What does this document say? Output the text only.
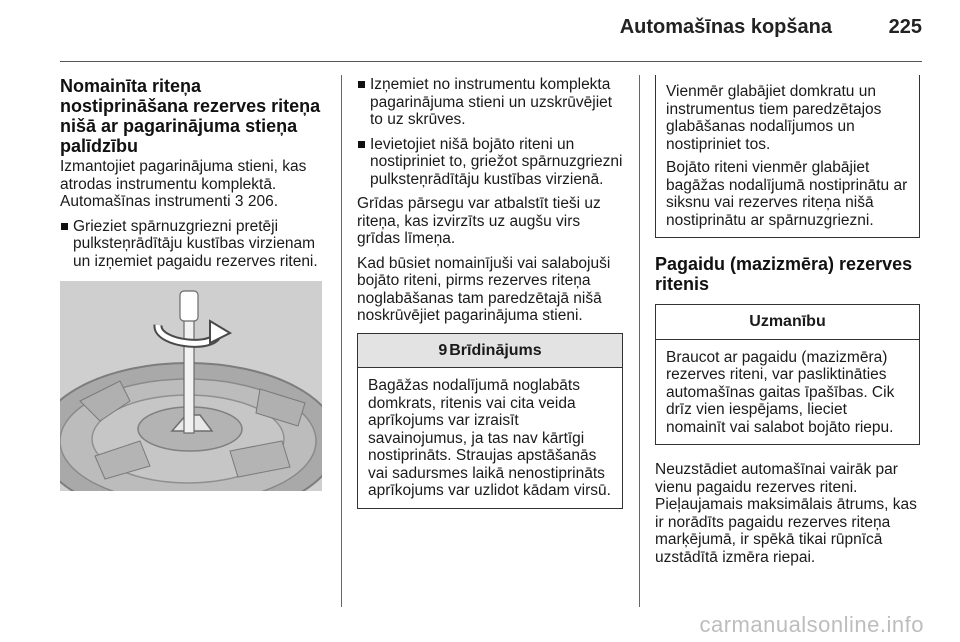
Automašīnas kopšana	225
Nomainīta riteņa nostiprināšana rezerves riteņa nišā ar pagarinājuma stieņa palīdzību

Izmantojiet pagarinājuma stieni, kas atrodas instrumentu komplektā. Automašīnas instrumenti 3 206.

Grieziet spārnuzgriezni pretēji pulksteņrādītāju kustības virzienam un izņemiet pagaidu rezerves riteni.
Izņemiet no instrumentu komplekta pagarinājuma stieni un uzskrūvējiet to uz skrūves.
Ievietojiet nišā bojāto riteni un nostipriniet to, griežot spārnuzgriezni pulksteņrādītāju kustības virzienā.

Grīdas pārsegu var atbalstīt tieši uz riteņa, kas izvirzīts uz augšu virs grīdas līmeņa.

Kad būsiet nomainījuši vai salabojuši bojāto riteni, pirms rezerves riteņa noglabāšanas tam paredzētajā nišā noskrūvējiet pagarinājuma stieni.

9 Brīdinājums

Bagāžas nodalījumā noglabāts domkrats, ritenis vai cita veida aprīkojums var izraisīt savainojumus, ja tas nav kārtīgi nostiprināts. Straujas apstāšanās vai sadursmes laikā nenostiprināts aprīkojums var uzlidot kādam virsū.

Vienmēr glabājiet domkratu un instrumentus tiem paredzētajos glabāšanas nodalījumos un nostipriniet tos.

Bojāto riteni vienmēr glabājiet bagāžas nodalījumā nostiprinātu ar siksnu vai rezerves riteņa nišā nostiprinātu ar spārnuzgriezni.

Pagaidu (mazizmēra) rezerves ritenis
Uzmanību

Braucot ar pagaidu (mazizmēra) rezerves riteni, var pasliktināties automašīnas gaitas īpašības. Cik drīz vien iespējams, lieciet nomainīt vai salabot bojāto riepu.

Neuzstādiet automašīnai vairāk par vienu pagaidu rezerves riteni. Pieļaujamais maksimālais ātrums, kas ir norādīts pagaidu rezerves riteņa marķējumā, ir spēkā tikai rūpnīcā uzstādītā izmēra riepai.

carmanualsonline.info
